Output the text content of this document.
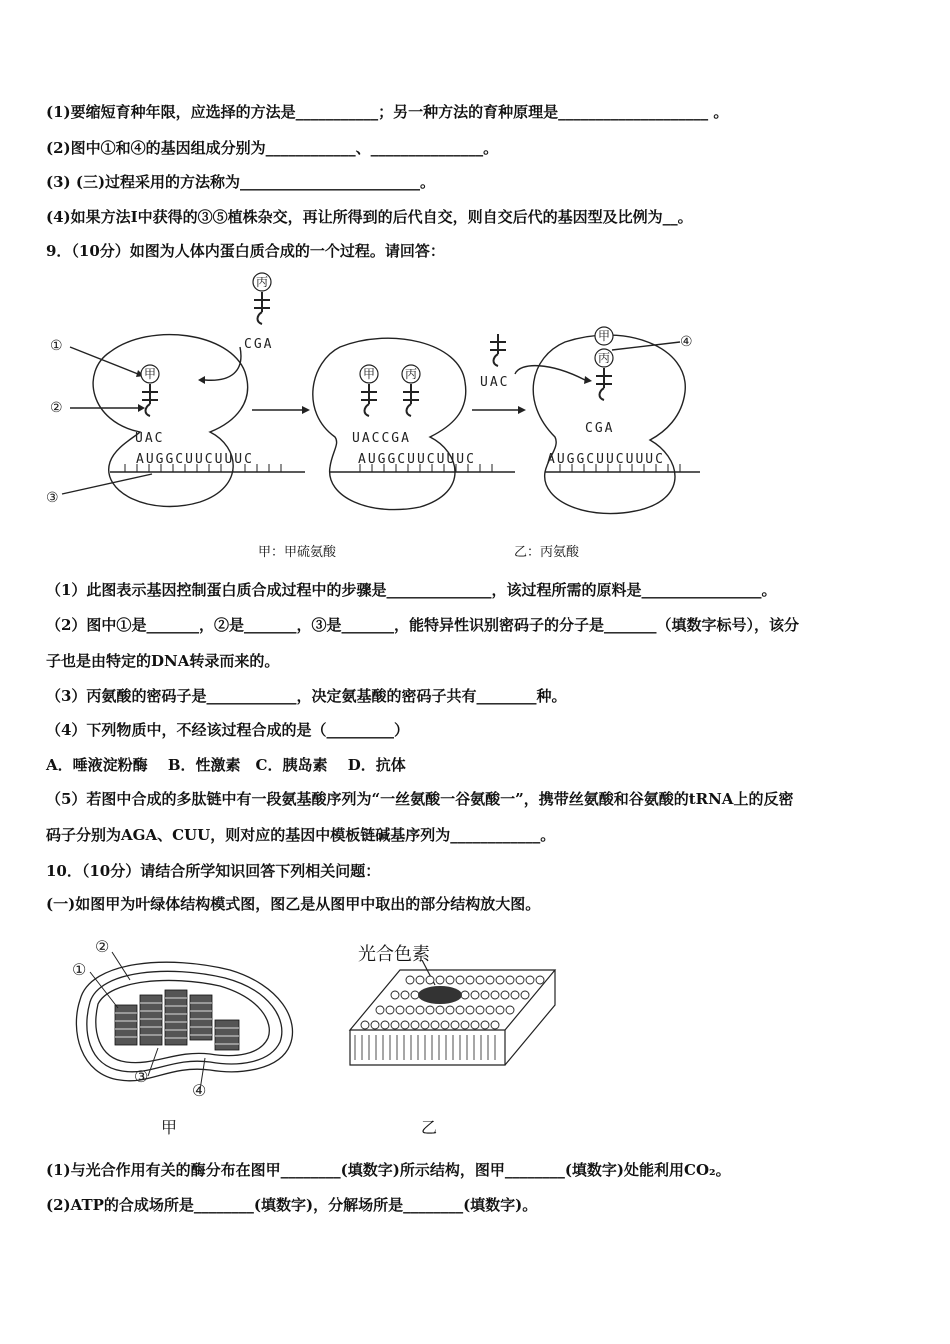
(1)要缩短育种年限，应选择的方法是___________；另一种方法的育种原理是____________________ 。
(2)图中①和④的基因组成分别为____________、_______________。
(3) (三)过程采用的方法称为________________________。
(4)如果方法Ⅰ中获得的③⑤植株杂交，再让所得到的后代自交，则自交后代的基因型及比例为__。
9．（10分）如图为人体内蛋白质合成的一个过程。请回答：
丙
甲	甲 丙
甲
丙
CGA
UAC	UACCGA
UAC
CGA
AUGGCUUCUUUC	AUGGCUUCUUUC	AUGGCUUCUUUC
①
②
③
④
甲：甲硫氨酸	乙：丙氨酸
（1）此图表示基因控制蛋白质合成过程中的步骤是______________，该过程所需的原料是________________。
（2）图中①是_______，②是_______，③是_______，能特异性识别密码子的分子是_______（填数字标号），该分
子也是由特定的DNA转录而来的。
（3）丙氨酸的密码子是____________，决定氨基酸的密码子共有________种。
（4）下列物质中，不经该过程合成的是（_________）
A．唾液淀粉酶　 B．性激素　C．胰岛素　 D．抗体
（5）若图中合成的多肽链中有一段氨基酸序列为“一丝氨酸一谷氨酸一”，携带丝氨酸和谷氨酸的tRNA上的反密
码子分别为AGA、CUU，则对应的基因中模板链碱基序列为____________。
10．（10分）请结合所学知识回答下列相关问题：
(一)如图甲为叶绿体结构模式图，图乙是从图甲中取出的部分结构放大图。
②
①
③
④
光合色素
甲	乙
(1)与光合作用有关的酶分布在图甲________(填数字)所示结构，图甲________(填数字)处能利用CO₂。
(2)ATP的合成场所是________(填数字)，分解场所是________(填数字)。
